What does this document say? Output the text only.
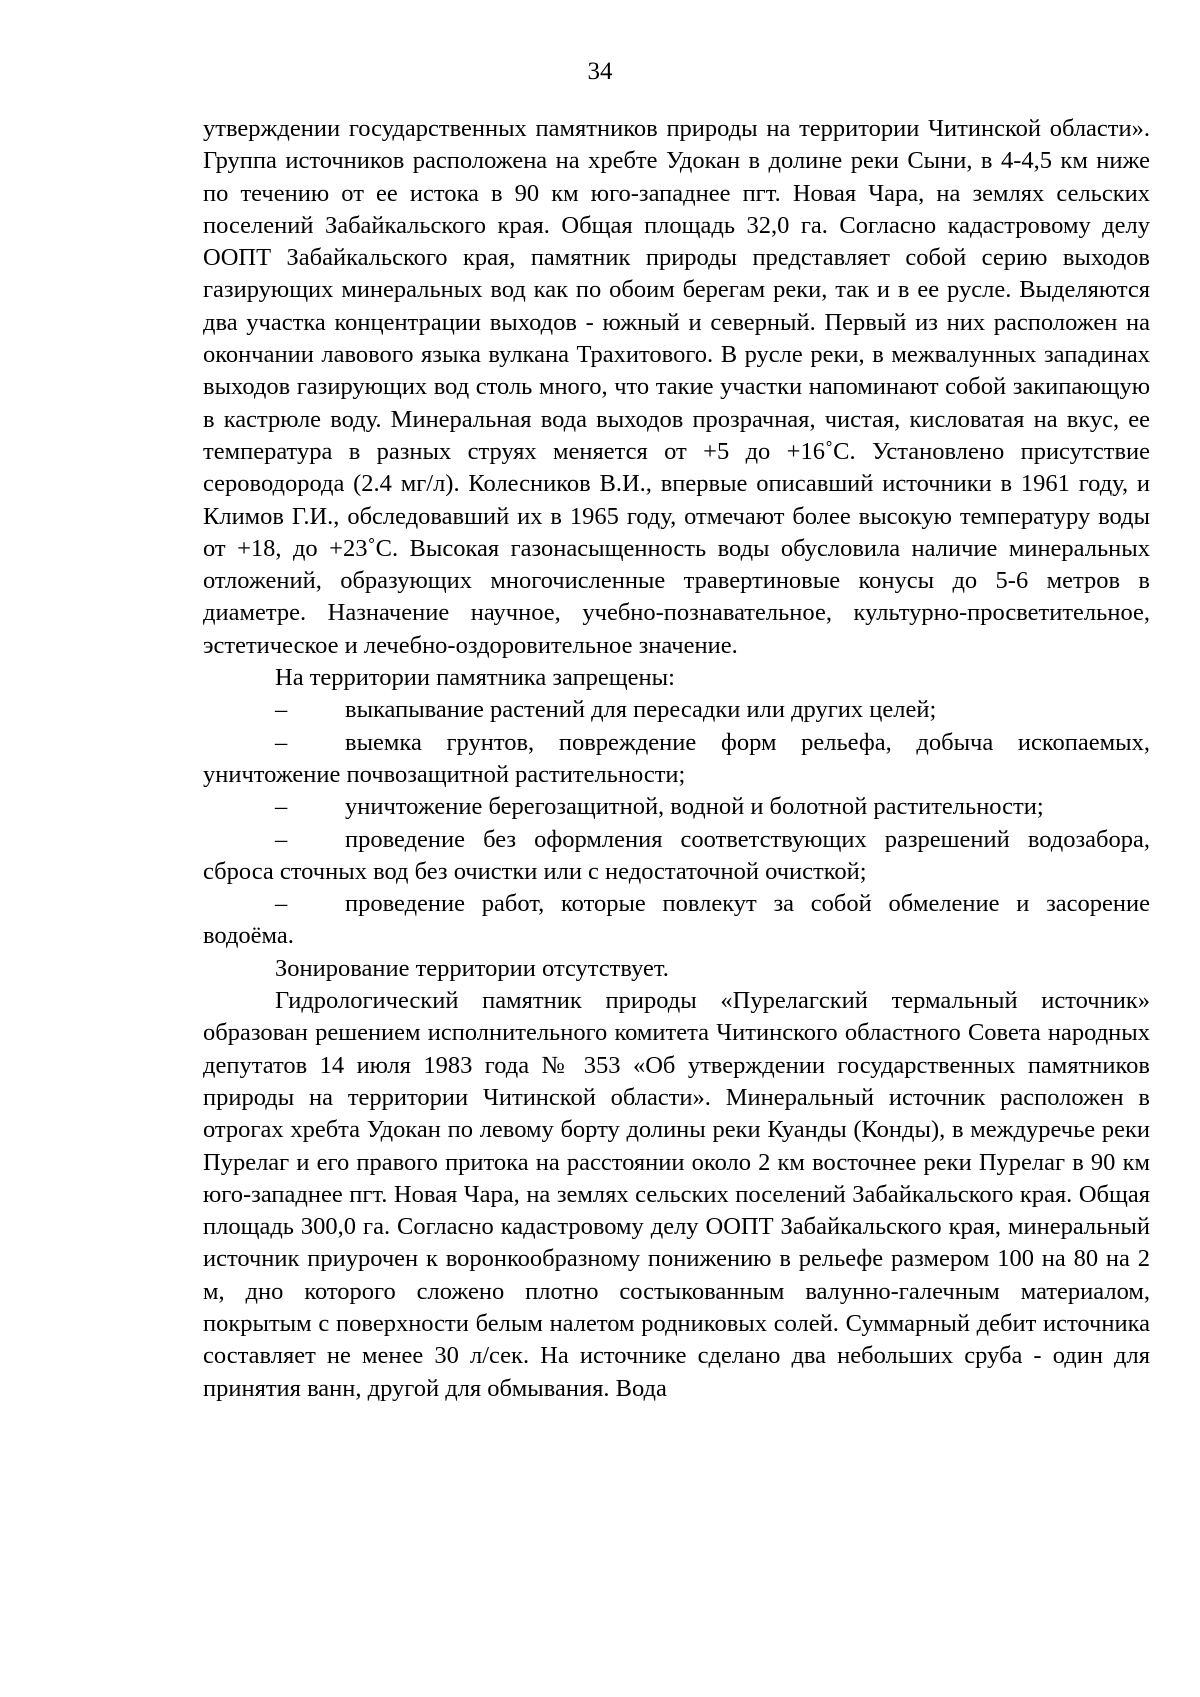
34

утверждении государственных памятников природы на территории Читинской области». Группа источников расположена на хребте Удокан в долине реки Сыни, в 4-4,5 км ниже по течению от ее истока в 90 км юго-западнее пгт. Новая Чара, на землях сельских поселений Забайкальского края. Общая площадь 32,0 га. Согласно кадастровому делу ООПТ Забайкальского края, памятник природы представляет собой серию выходов газирующих минеральных вод как по обоим берегам реки, так и в ее русле. Выделяются два участка концентрации выходов - южный и северный. Первый из них расположен на окончании лавового языка вулкана Трахитового. В русле реки, в межвалунных западинах выходов газирующих вод столь много, что такие участки напоминают собой закипающую в кастрюле воду. Минеральная вода выходов прозрачная, чистая, кисловатая на вкус, ее температура в разных струях меняется от +5 до +16˚С. Установлено присутствие сероводорода (2.4 мг/л). Колесников В.И., впервые описавший источники в 1961 году, и Климов Г.И., обследовавший их в 1965 году, отмечают более высокую температуру воды от +18, до +23˚С. Высокая газонасыщенность воды обусловила наличие минеральных отложений, образующих многочисленные травертиновые конусы до 5-6 метров в диаметре. Назначение научное, учебно-познавательное, культурно-просветительное, эстетическое и лечебно-оздоровительное значение.

На территории памятника запрещены:

– выкапывание растений для пересадки или других целей;

– выемка грунтов, повреждение форм рельефа, добыча ископаемых, уничтожение почвозащитной растительности;

– уничтожение берегозащитной, водной и болотной растительности;

– проведение без оформления соответствующих разрешений водозабора, сброса сточных вод без очистки или с недостаточной очисткой;

– проведение работ, которые повлекут за собой обмеление и засорение водоёма.

Зонирование территории отсутствует.

Гидрологический памятник природы «Пурелагский термальный источник» образован решением исполнительного комитета Читинского областного Совета народных депутатов 14 июля 1983 года № 353 «Об утверждении государственных памятников природы на территории Читинской области». Минеральный источник расположен в отрогах хребта Удокан по левому борту долины реки Куанды (Конды), в междуречье реки Пурелаг и его правого притока на расстоянии около 2 км восточнее реки Пурелаг в 90 км юго-западнее пгт. Новая Чара, на землях сельских поселений Забайкальского края. Общая площадь 300,0 га. Согласно кадастровому делу ООПТ Забайкальского края, минеральный источник приурочен к воронкообразному понижению в рельефе размером 100 на 80 на 2 м, дно которого сложено плотно состыкованным валунно-галечным материалом, покрытым с поверхности белым налетом родниковых солей. Суммарный дебит источника составляет не менее 30 л/сек. На источнике сделано два небольших сруба - один для принятия ванн, другой для обмывания. Вода
